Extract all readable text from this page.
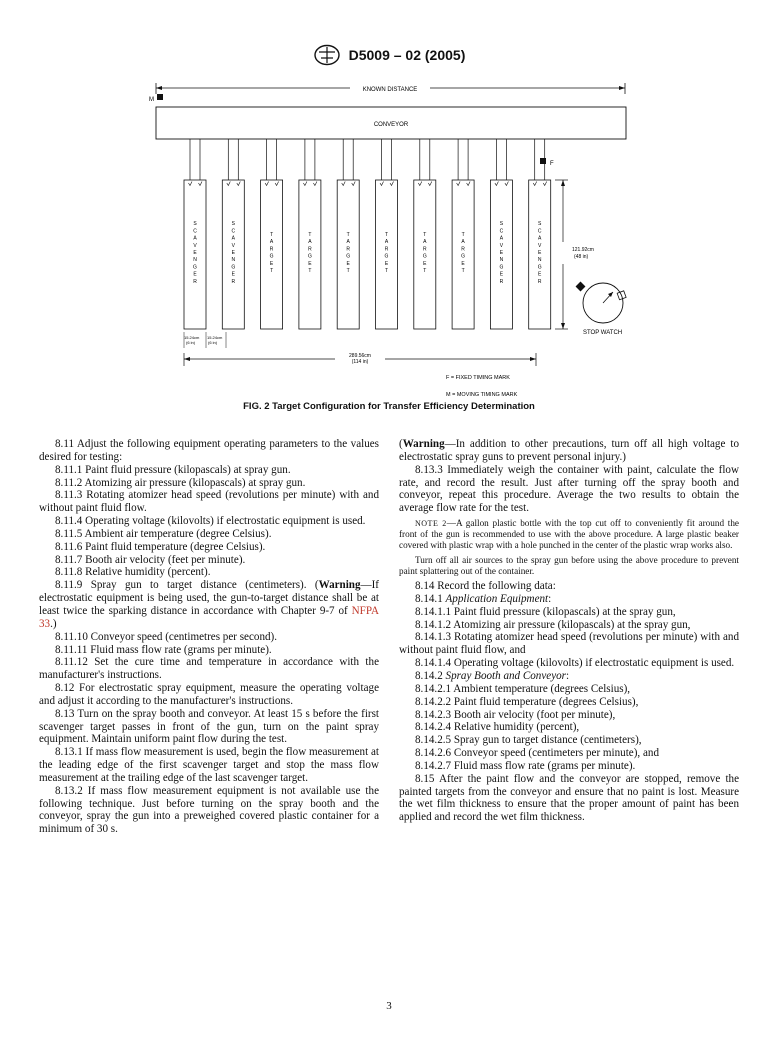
D5009 – 02 (2005)
KNOWN DISTANCE
M
CONVEYOR
F
S C A V E N G E R
S C A V E N G E R
T A R G E T
T A R G E T
T A R G E T
T A R G E T
T A R G E T
T A R G E T
S C A V E N G E R
S C A V E N G E R
121.92cm
(48 in)
15.24cm
(6 in)
15.24cm
(6 in)
289.56cm
(114 in)
STOP WATCH
F = FIXED TIMING MARK
M = MOVING TIMING MARK
FIG. 2 Target Configuration for Transfer Efficiency Determination

8.11 Adjust the following equipment operating parameters to the values desired for testing:

8.11.1 Paint fluid pressure (kilopascals) at spray gun.

8.11.2 Atomizing air pressure (kilopascals) at spray gun.

8.11.3 Rotating atomizer head speed (revolutions per minute) with and without paint fluid flow.

8.11.4 Operating voltage (kilovolts) if electrostatic equipment is used.

8.11.5 Ambient air temperature (degree Celsius).

8.11.6 Paint fluid temperature (degree Celsius).

8.11.7 Booth air velocity (feet per minute).

8.11.8 Relative humidity (percent).

8.11.9 Spray gun to target distance (centimeters). (Warning—If electrostatic equipment is being used, the gun-to-target distance shall be at least twice the sparking distance in accordance with Chapter 9-7 of NFPA 33.)

8.11.10 Conveyor speed (centimetres per second).

8.11.11 Fluid mass flow rate (grams per minute).

8.11.12 Set the cure time and temperature in accordance with the manufacturer's instructions.

8.12 For electrostatic spray equipment, measure the operating voltage and adjust it according to the manufacturer's instructions.

8.13 Turn on the spray booth and conveyor. At least 15 s before the first scavenger target passes in front of the gun, turn on the paint spray equipment. Maintain uniform paint flow during the test.

8.13.1 If mass flow measurement is used, begin the flow measurement at the leading edge of the first scavenger target and stop the mass flow measurement at the trailing edge of the last scavenger target.

8.13.2 If mass flow measurement equipment is not available use the following technique. Just before turning on the spray booth and the conveyor, spray the gun into a preweighed covered plastic container for a minimum of 30 s.

(Warning—In addition to other precautions, turn off all high voltage to electrostatic spray guns to prevent personal injury.)

8.13.3 Immediately weigh the container with paint, calculate the flow rate, and record the result. Just after turning off the spray booth and conveyor, repeat this procedure. Average the two results to obtain the average flow rate for the test.

NOTE 2—A gallon plastic bottle with the top cut off to conveniently fit around the front of the gun is recommended to use with the above procedure. A large plastic beaker covered with plastic wrap with a hole punched in the center of the plastic wrap works also.

Turn off all air sources to the spray gun before using the above procedure to prevent paint splattering out of the container.

8.14 Record the following data:

8.14.1 Application Equipment:

8.14.1.1 Paint fluid pressure (kilopascals) at the spray gun,

8.14.1.2 Atomizing air pressure (kilopascals) at the spray gun,

8.14.1.3 Rotating atomizer head speed (revolutions per minute) with and without paint fluid flow, and

8.14.1.4 Operating voltage (kilovolts) if electrostatic equipment is used.

8.14.2 Spray Booth and Conveyor:

8.14.2.1 Ambient temperature (degrees Celsius),

8.14.2.2 Paint fluid temperature (degrees Celsius),

8.14.2.3 Booth air velocity (foot per minute),

8.14.2.4 Relative humidity (percent),

8.14.2.5 Spray gun to target distance (centimeters),

8.14.2.6 Conveyor speed (centimeters per minute), and

8.14.2.7 Fluid mass flow rate (grams per minute).

8.15 After the paint flow and the conveyor are stopped, remove the painted targets from the conveyor and ensure that no paint is lost. Measure the wet film thickness to ensure that the proper amount of paint has been applied and record the wet film thickness.

3
